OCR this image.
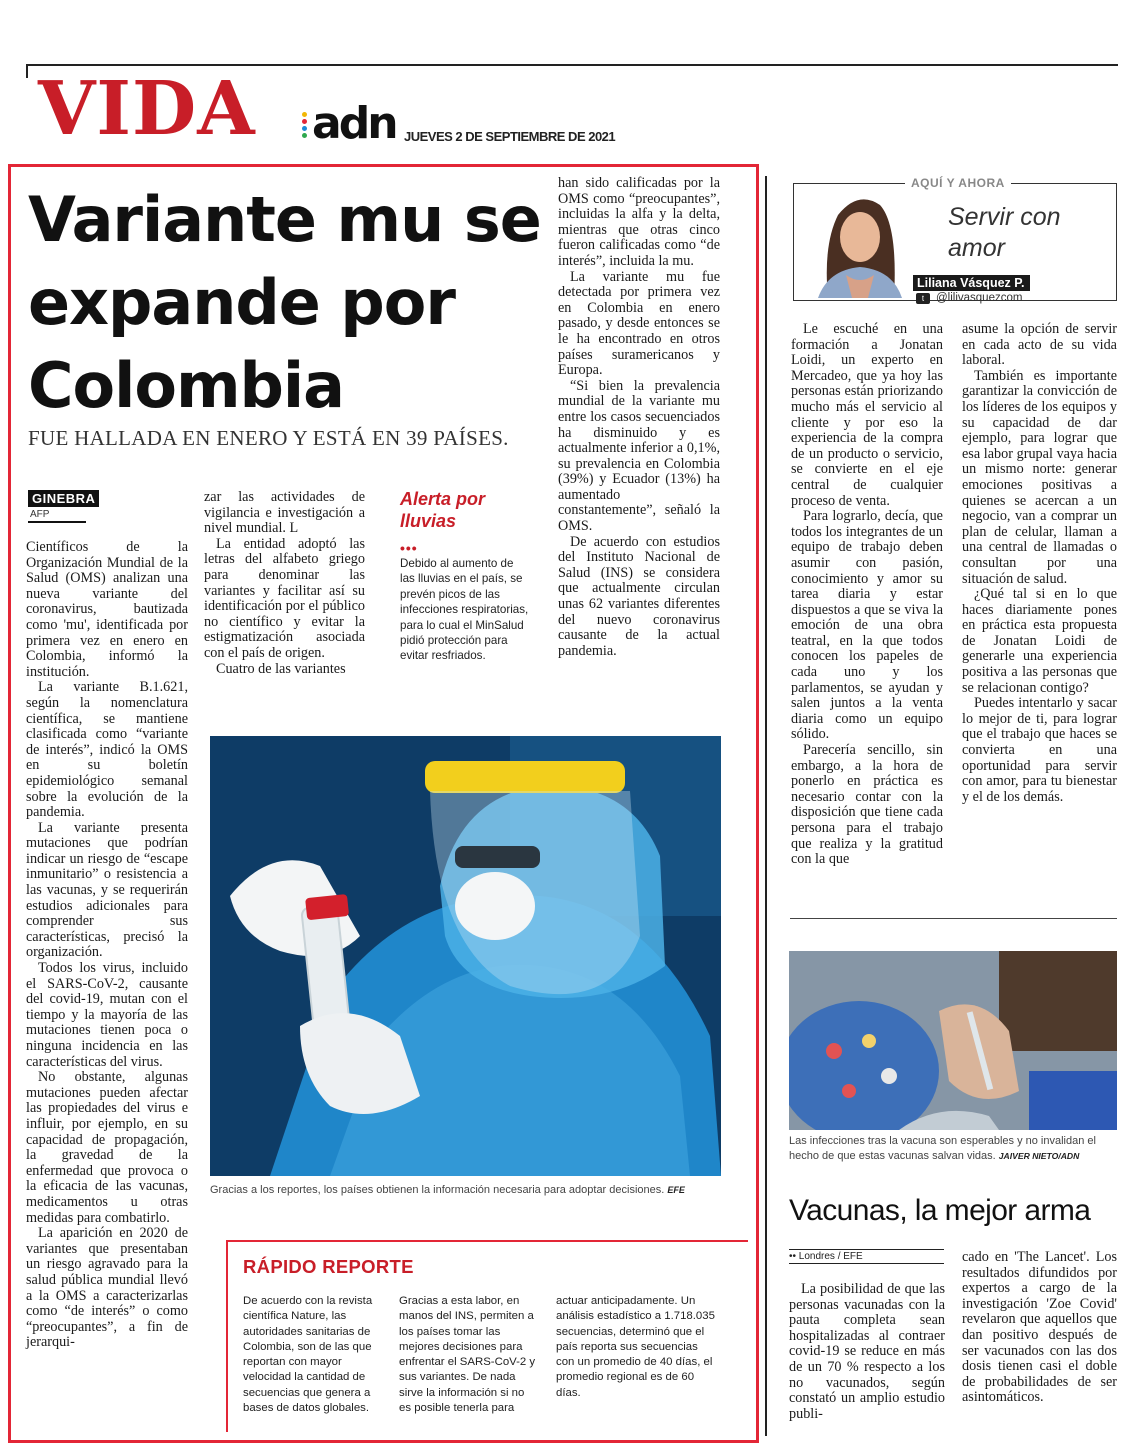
VIDA adn JUEVES 2 DE SEPTIEMBRE DE 2021
Variante mu se expande por Colombia
FUE HALLADA EN ENERO Y ESTÁ EN 39 PAÍSES.
GINEBRA
AFP

Científicos de la Organización Mundial de la Salud (OMS) analizan una nueva variante del coronavirus, bautizada como 'mu', identificada por primera vez en enero en Colombia, informó la institución.

La variante B.1.621, según la nomenclatura científica, se mantiene clasificada como “variante de interés”, indicó la OMS en su boletín epidemiológico semanal sobre la evolución de la pandemia.

La variante presenta mutaciones que podrían indicar un riesgo de “escape inmunitario” o resistencia a las vacunas, y se requerirán estudios adicionales para comprender sus características, precisó la organización.

Todos los virus, incluido el SARS-CoV-2, causante del covid-19, mutan con el tiempo y la mayoría de las mutaciones tienen poca o ninguna incidencia en las características del virus.

No obstante, algunas mutaciones pueden afectar las propiedades del virus e influir, por ejemplo, en su capacidad de propagación, la gravedad de la enfermedad que provoca o la eficacia de las vacunas, medicamentos u otras medidas para combatirlo.

La aparición en 2020 de variantes que presentaban un riesgo agravado para la salud pública mundial llevó a la OMS a caracterizarlas como “de interés” o como “preocupantes”, a fin de jerarqui-

zar las actividades de vigilancia e investigación a nivel mundial. L

La entidad adoptó las letras del alfabeto griego para denominar las variantes y facilitar así su identificación por el público no científico y evitar la estigmatización asociada con el país de origen.

Cuatro de las variantes

Alerta por lluvias
•••
Debido al aumento de las lluvias en el país, se prevén picos de las infecciones respiratorias, para lo cual el MinSalud pidió protección para evitar resfriados.

han sido calificadas por la OMS como “preocupantes”, incluidas la alfa y la delta, mientras que otras cinco fueron calificadas como “de interés”, incluida la mu.

La variante mu fue detectada por primera vez en Colombia en enero pasado, y desde entonces se le ha encontrado en otros países suramericanos y Europa.

“Si bien la prevalencia mundial de la variante mu entre los casos secuenciados ha disminuido y es actualmente inferior a 0,1%, su prevalencia en Colombia (39%) y Ecuador (13%) ha aumentado constantemente”, señaló la OMS.

De acuerdo con estudios del Instituto Nacional de Salud (INS) se considera que actualmente circulan unas 62 variantes diferentes del nuevo coronavirus causante de la actual pandemia.

Gracias a los reportes, los países obtienen la información necesaria para adoptar decisiones. EFE
RÁPIDO REPORTE
De acuerdo con la revista científica Nature, las autoridades sanitarias de Colombia, son de las que reportan con mayor velocidad la cantidad de secuencias que genera a bases de datos globales.
Gracias a esta labor, en manos del INS, permiten a los países tomar las mejores decisiones para enfrentar el SARS-CoV-2 y sus variantes. De nada sirve la información si no es posible tenerla para
actuar anticipadamente. Un análisis estadístico a 1.718.035 secuencias, determinó que el país reporta sus secuencias con un promedio de 40 días, el promedio regional es de 60 días.
AQUÍ Y AHORA
Servir con amor
Liliana Vásquez P.
t @lilivasquezcom

Le escuché en una formación a Jonatan Loidi, un experto en Mercadeo, que ya hoy las personas están priorizando mucho más el servicio al cliente y por eso la experiencia de la compra de un producto o servicio, se convierte en el eje central de cualquier proceso de venta.

Para lograrlo, decía, que todos los integrantes de un equipo de trabajo deben asumir con pasión, conocimiento y amor su tarea diaria y estar dispuestos a que se viva la emoción de una obra teatral, en la que todos conocen los papeles de cada uno y los parlamentos, se ayudan y salen juntos a la venta diaria como un equipo sólido.

Parecería sencillo, sin embargo, a la hora de ponerlo en práctica es necesario contar con la disposición que tiene cada persona para el trabajo que realiza y la gratitud con la que

asume la opción de servir en cada acto de su vida laboral.

También es importante garantizar la convicción de los líderes de los equipos y su capacidad de dar ejemplo, para lograr que esa labor grupal vaya hacia un mismo norte: generar emociones positivas a quienes se acercan a un negocio, van a comprar un plan de celular, llaman a una central de llamadas o consultan por una situación de salud.

¿Qué tal si en lo que haces diariamente pones en práctica esta propuesta de Jonatan Loidi de generarle una experiencia positiva a las personas que se relacionan contigo?

Puedes intentarlo y sacar lo mejor de ti, para lograr que el trabajo que haces se convierta en una oportunidad para servir con amor, para tu bienestar y el de los demás.

Las infecciones tras la vacuna son esperables y no invalidan el hecho de que estas vacunas salvan vidas. JAIVER NIETO/ADN
Vacunas, la mejor arma
•• Londres / EFE

La posibilidad de que las personas vacunadas con la pauta completa sean hospitalizadas al contraer covid-19 se reduce en más de un 70 % respecto a los no vacunados, según constató un amplio estudio publi-

cado en 'The Lancet'. Los resultados difundidos por expertos a cargo de la investigación 'Zoe Covid' revelaron que aquellos que dan positivo después de ser vacunados con las dos dosis tienen casi el doble de probabilidades de ser asintomáticos.
